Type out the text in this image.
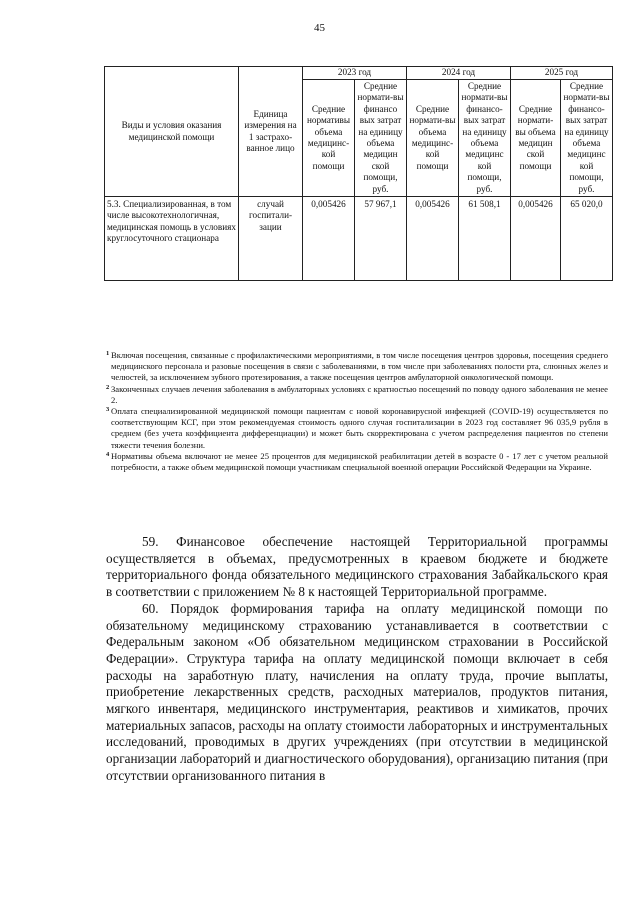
45
Виды и условия оказания медицинской помощи	Единица измерения на 1 застрахо-ванное лицо	2023 год		2024 год		2025 год	
		Средние нормативы объема медицинс-кой помощи	Средние нормати-вы финансо вых затрат на единицу объема медицин ской помощи, руб.	Средние нормати-вы объема медицинс-кой помощи	Средние нормати-вы финансо-вых затрат на единицу объема медицинс кой помощи, руб.	Средние нормати-вы объема медицин ской помощи	Средние нормати-вы финансо-вых затрат на единицу объема медицинс кой помощи, руб.
5.3. Специализированная, в том числе высокотехнологичная, медицинская помощь в условиях круглосуточного стационара	случай госпитали-зации	0,005426	57 967,1	0,005426	61 508,1	0,005426	65 020,0
1 Включая посещения, связанные с профилактическими мероприятиями, в том числе посещения центров здоровья, посещения среднего медицинского персонала и разовые посещения в связи с заболеваниями, в том числе при заболеваниях полости рта, слюнных желез и челюстей, за исключением зубного протезирования, а также посещения центров амбулаторной онкологической помощи.
2 Законченных случаев лечения заболевания в амбулаторных условиях с кратностью посещений по поводу одного заболевания не менее 2.
3 Оплата специализированной медицинской помощи пациентам с новой коронавирусной инфекцией (COVID-19) осуществляется по соответствующим КСГ, при этом рекомендуемая стоимость одного случая госпитализации в 2023 год составляет 96 035,9 рубля в среднем (без учета коэффициента дифференциации) и может быть скорректирована с учетом распределения пациентов по степени тяжести течения болезни.
4 Нормативы объема включают не менее 25 процентов для медицинской реабилитации детей в возрасте 0 - 17 лет с учетом реальной потребности, а также объем медицинской помощи участникам специальной военной операции Российской Федерации на Украине.

59. Финансовое обеспечение настоящей Территориальной программы осуществляется в объемах, предусмотренных в краевом бюджете и бюджете территориального фонда обязательного медицинского страхования Забайкальского края в соответствии с приложением № 8 к настоящей Территориальной программе.

60. Порядок формирования тарифа на оплату медицинской помощи по обязательному медицинскому страхованию устанавливается в соответствии с Федеральным законом «Об обязательном медицинском страховании в Российской Федерации». Структура тарифа на оплату медицинской помощи включает в себя расходы на заработную плату, начисления на оплату труда, прочие выплаты, приобретение лекарственных средств, расходных материалов, продуктов питания, мягкого инвентаря, медицинского инструментария, реактивов и химикатов, прочих материальных запасов, расходы на оплату стоимости лабораторных и инструментальных исследований, проводимых в других учреждениях (при отсутствии в медицинской организации лабораторий и диагностического оборудования), организацию питания (при отсутствии организованного питания в
